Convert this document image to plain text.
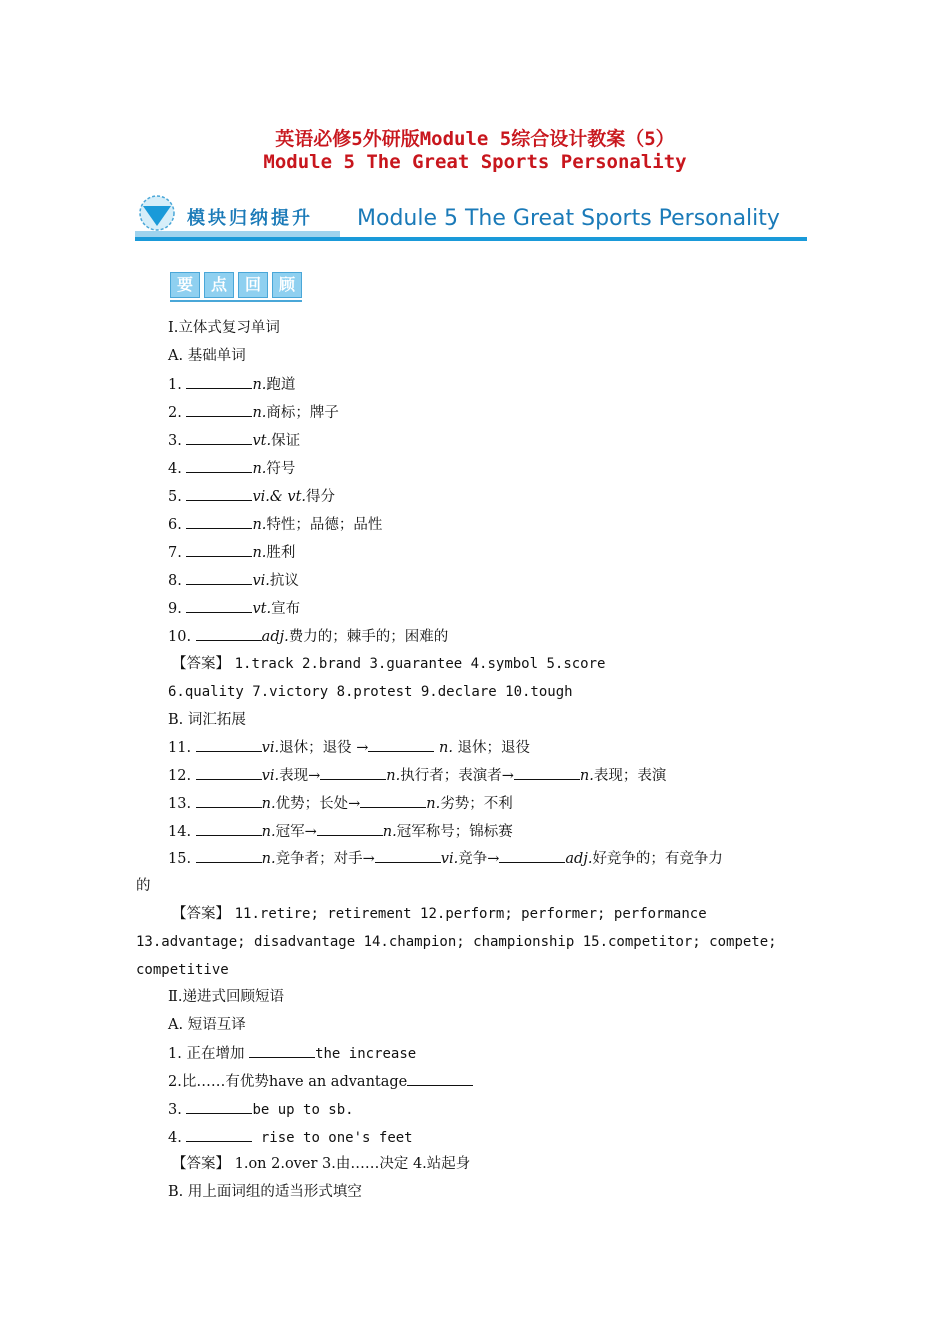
英语必修5外研版Module 5综合设计教案（5）
Module 5 The Great Sports Personality
模块归纳提升 Module 5 The Great Sports Personality
要 点 回 顾
Ⅰ.立体式复习单词
A. 基础单词
1.	n.跑道
2.	n.商标；牌子
3.	vt.保证
4.	n.符号
5.	vi.& vt.得分
6.	n.特性；品德；品性
7.	n.胜利
8.	vi.抗议
9.	vt.宣布
10.	adj.费力的；棘手的；困难的
【答案】 1.track 2.brand 3.guarantee 4.symbol 5.score
6.quality 7.victory 8.protest 9.declare 10.tough
B. 词汇拓展
11.	vi.退休；退役 →	n. 退休；退役
12.	vi.表现→	n.执行者；表演者→	n.表现；表演
13.	n.优势；长处→	n.劣势；不利
14.	n.冠军→	n.冠军称号；锦标赛
15.	n.竞争者；对手→	vi.竞争→	adj.好竞争的；有竞争力
的
【答案】 11.retire; retirement 12.perform; performer; performance
13.advantage; disadvantage 14.champion; championship 15.competitor; compete;
competitive
Ⅱ.递进式回顾短语
A. 短语互译
1. 正在增加	the increase
2.比……有优势have an advantage
3.	be up to sb.
4.	rise to one's feet
【答案】 1.on 2.over 3.由……决定 4.站起身
B. 用上面词组的适当形式填空
